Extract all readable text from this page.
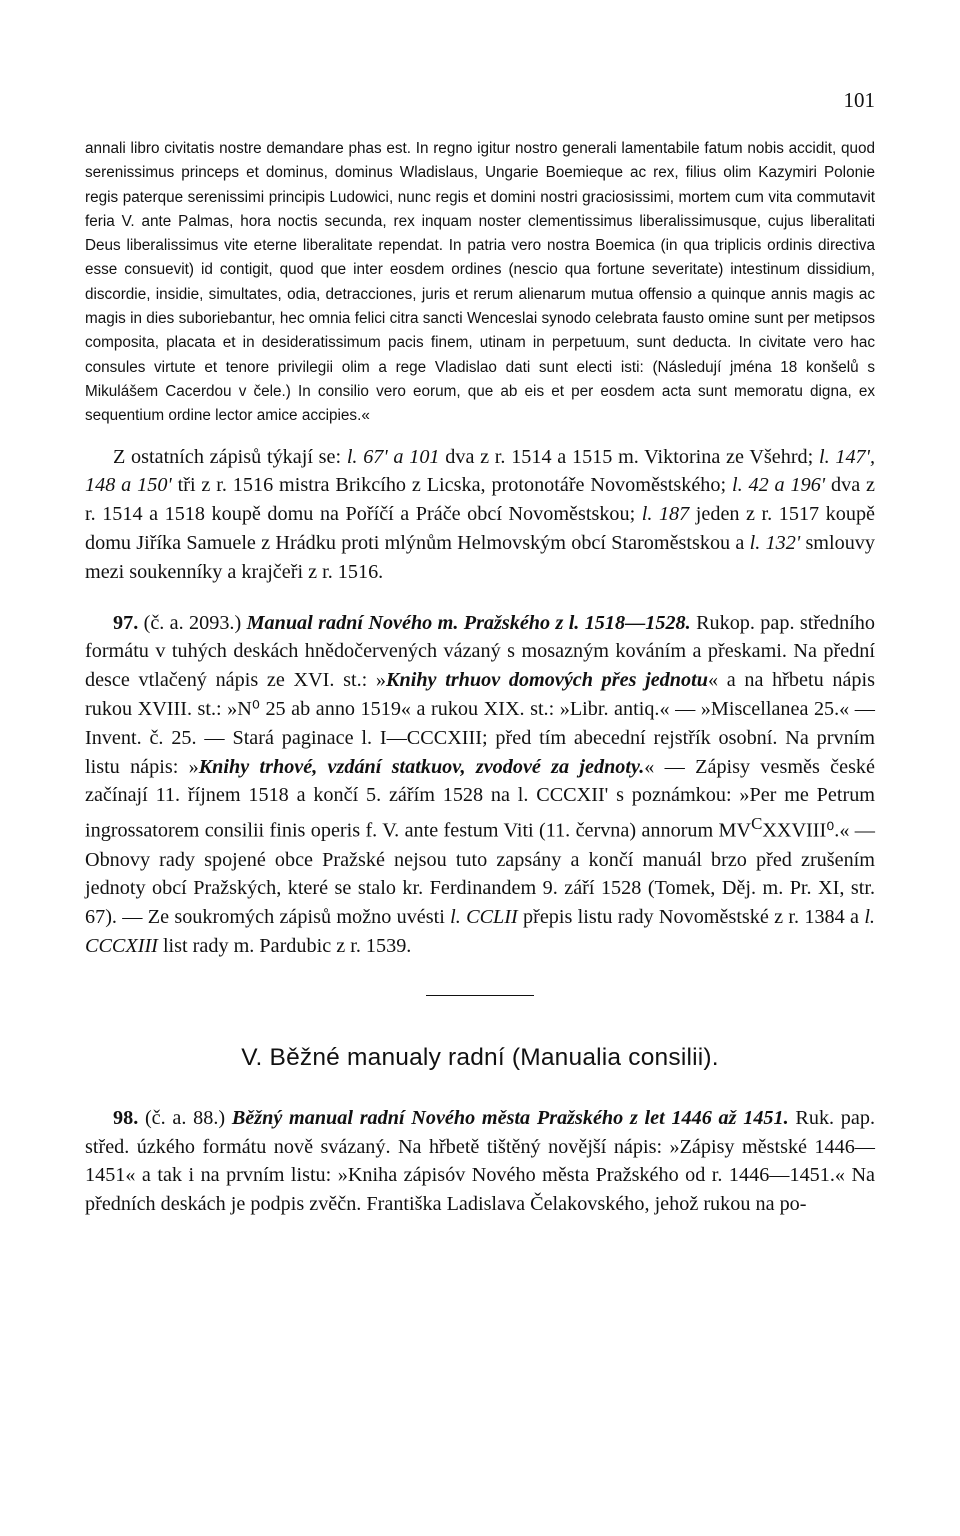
101

annali libro civitatis nostre demandare phas est. In regno igitur nostro generali lamentabile fatum nobis accidit, quod serenissimus princeps et dominus, dominus Wladislaus, Ungarie Boemieque ac rex, filius olim Kazymiri Polonie regis paterque serenissimi principis Ludowici, nunc regis et domini nostri graciosissimi, mortem cum vita commutavit feria V. ante Palmas, hora noctis secunda, rex inquam noster clementissimus liberalissimusque, cujus liberalitati Deus liberalissimus vite eterne liberalitate rependat. In patria vero nostra Boemica (in qua triplicis ordinis directiva esse consuevit) id contigit, quod que inter eosdem ordines (nescio qua fortune severitate) intestinum dissidium, discordie, insidie, simultates, odia, detracciones, juris et rerum alienarum mutua offensio a quinque annis magis ac magis in dies suboriebantur, hec omnia felici citra sancti Wenceslai synodo celebrata fausto omine sunt per metipsos composita, placata et in desideratissimum pacis finem, utinam in perpetuum, sunt deducta. In civitate vero hac consules virtute et tenore privilegii olim a rege Vladislao dati sunt electi isti: (Následují jména 18 konšelů s Mikulášem Cacerdou v čele.) In consilio vero eorum, que ab eis et per eosdem acta sunt memoratu digna, ex sequentium ordine lector amice accipies.«

Z ostatních zápisů týkají se: l. 67' a 101 dva z r. 1514 a 1515 m. Viktorina ze Všehrd; l. 147', 148 a 150' tři z r. 1516 mistra Brikcího z Licska, protonotáře Novoměstského; l. 42 a 196' dva z r. 1514 a 1518 koupě domu na Poříčí a Práče obcí Novoměstskou; l. 187 jeden z r. 1517 koupě domu Jiříka Samuele z Hrádku proti mlýnům Helmovským obcí Staroměstskou a l. 132' smlouvy mezi soukenníky a krajčeři z r. 1516.

97. (č. a. 2093.) Manual radní Nového m. Pražského z l. 1518—1528. Rukop. pap. středního formátu v tuhých deskách hnědočervených vázaný s mosazným kováním a přeskami. Na přední desce vtlačený nápis ze XVI. st.: »Knihy trhuov domových přes jednotu« a na hřbetu nápis rukou XVIII. st.: »N⁰ 25 ab anno 1519« a rukou XIX. st.: »Libr. antiq.« — »Miscellanea 25.« — Invent. č. 25. — Stará paginace l. I—CCCXIII; před tím abecední rejstřík osobní. Na prvním listu nápis: »Knihy trhové, vzdání statkuov, zvodové za jednoty.« — Zápisy vesměs české začínají 11. říjnem 1518 a končí 5. zářím 1528 na l. CCCXII' s poznámkou: »Per me Petrum ingrossatorem consilii finis operis f. V. ante festum Viti (11. června) annorum $MV^CXXVIII^0.«$ — Obnovy rady spojené obce Pražské nejsou tuto zapsány a končí manuál brzo před zrušením jednoty obcí Pražských, které se stalo kr. Ferdinandem 9. září 1528 (Tomek, Děj. m. Pr. XI, str. 67). — Ze soukromých zápisů možno uvésti l. CCLII přepis listu rady Novoměstské z r. 1384 a l. CCCXIII list rady m. Pardubic z r. 1539.

V. Běžné manualy radní (Manualia consilii).

98. (č. a. 88.) Běžný manual radní Nového města Pražského z let 1446 až 1451. Ruk. pap. střed. úzkého formátu nově svázaný. Na hřbetě tištěný novější nápis: »Zápisy městské 1446—1451« a tak i na prvním listu: »Kniha zápisóv Nového města Pražského od r. 1446—1451.« Na předních deskách je podpis zvěčn. Františka Ladislava Čelakovského, jehož rukou na po-
